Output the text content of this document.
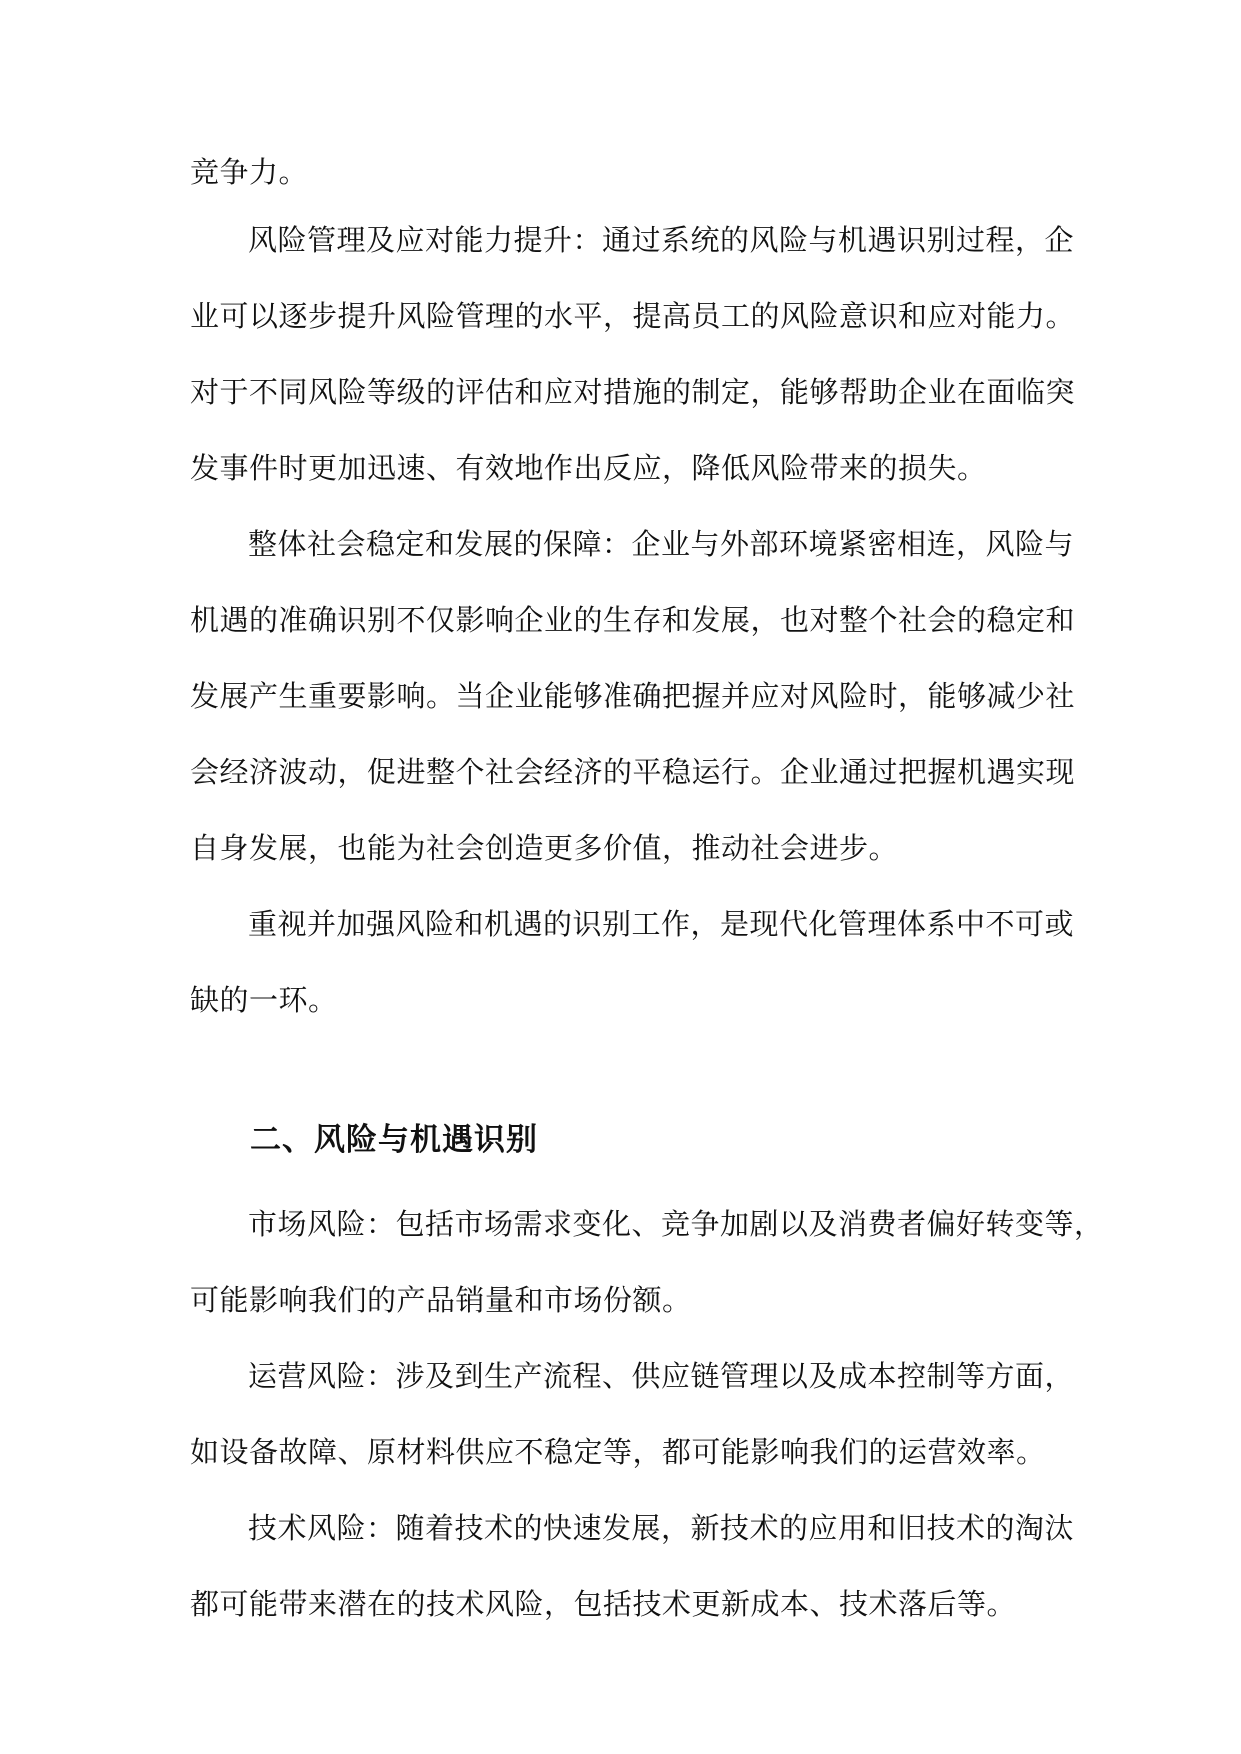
竞争力。
风险管理及应对能力提升：通过系统的风险与机遇识别过程，企
业可以逐步提升风险管理的水平，提高员工的风险意识和应对能力。
对于不同风险等级的评估和应对措施的制定，能够帮助企业在面临突
发事件时更加迅速、有效地作出反应，降低风险带来的损失。
整体社会稳定和发展的保障：企业与外部环境紧密相连，风险与
机遇的准确识别不仅影响企业的生存和发展，也对整个社会的稳定和
发展产生重要影响。当企业能够准确把握并应对风险时，能够减少社
会经济波动，促进整个社会经济的平稳运行。企业通过把握机遇实现
自身发展，也能为社会创造更多价值，推动社会进步。
重视并加强风险和机遇的识别工作，是现代化管理体系中不可或
缺的一环。
二、风险与机遇识别
市场风险：包括市场需求变化、竞争加剧以及消费者偏好转变等，
可能影响我们的产品销量和市场份额。
运营风险：涉及到生产流程、供应链管理以及成本控制等方面，
如设备故障、原材料供应不稳定等，都可能影响我们的运营效率。
技术风险：随着技术的快速发展，新技术的应用和旧技术的淘汰
都可能带来潜在的技术风险，包括技术更新成本、技术落后等。
